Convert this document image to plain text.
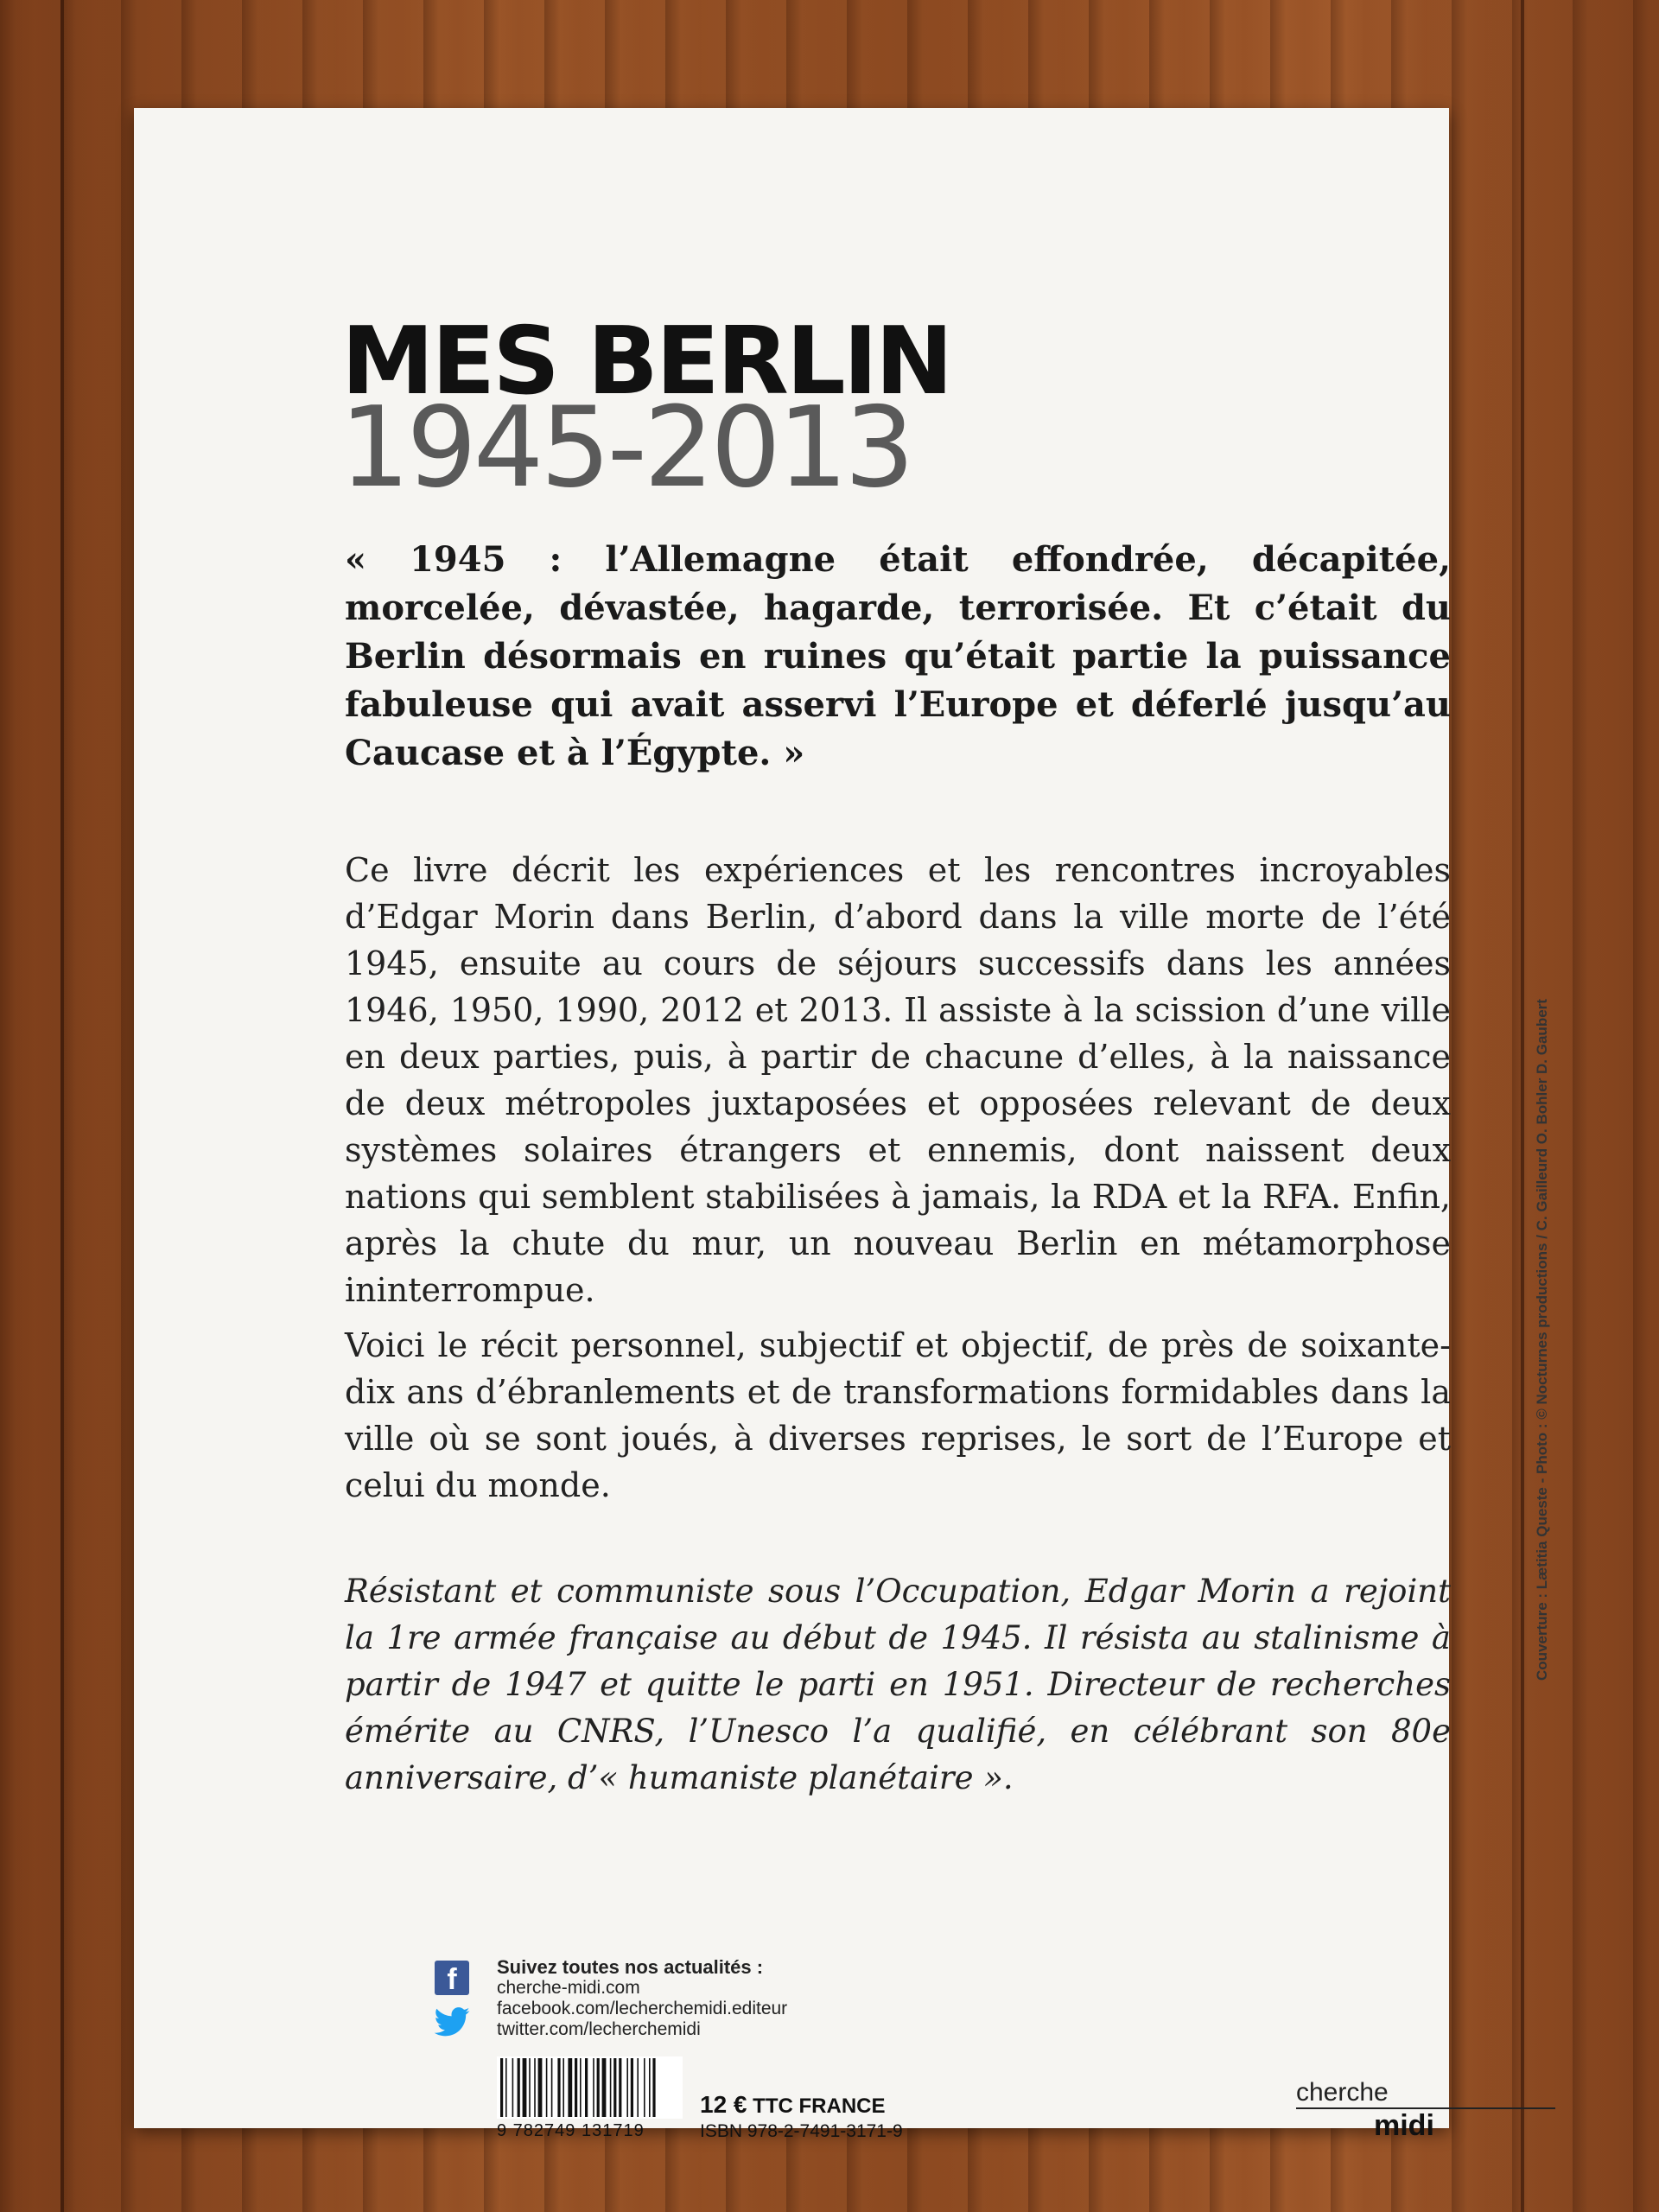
MES BERLIN
1945-2013
« 1945 : l’Allemagne était effondrée, décapitée, morcelée, dévastée, hagarde, terrorisée. Et c’était du Berlin désormais en ruines qu’était partie la puissance fabuleuse qui avait asservi l’Europe et déferlé jusqu’au Caucase et à l’Égypte. »

Ce livre décrit les expériences et les rencontres incroyables d’Edgar Morin dans Berlin, d’abord dans la ville morte de l’été 1945, ensuite au cours de séjours successifs dans les années 1946, 1950, 1990, 2012 et 2013. Il assiste à la scission d’une ville en deux parties, puis, à partir de chacune d’elles, à la naissance de deux métropoles juxtaposées et opposées relevant de deux systèmes solaires étrangers et ennemis, dont naissent deux nations qui semblent stabilisées à jamais, la RDA et la RFA. Enfin, après la chute du mur, un nouveau Berlin en métamorphose ininterrompue.

Voici le récit personnel, subjectif et objectif, de près de soixante-dix ans d’ébranlements et de transformations formidables dans la ville où se sont joués, à diverses reprises, le sort de l’Europe et celui du monde.

Résistant et communiste sous l’Occupation, Edgar Morin a rejoint la 1re armée française au début de 1945. Il résista au stalinisme à partir de 1947 et quitte le parti en 1951. Directeur de recherches émérite au CNRS, l’Unesco l’a qualifié, en célébrant son 80e anniversaire, d’« humaniste planétaire ».
Couverture : Lætitia Queste - Photo : © Nocturnes productions / C. Gailleurd O. Bohler D. Gaubert
f	Suivez toutes nos actualités :
cherche-midi.com
facebook.com/lecherchemidi.editeur
twitter.com/lecherchemidi
9 782749 131719
12 € TTC FRANCE
ISBN 978-2-7491-3171-9
cherche
midi
